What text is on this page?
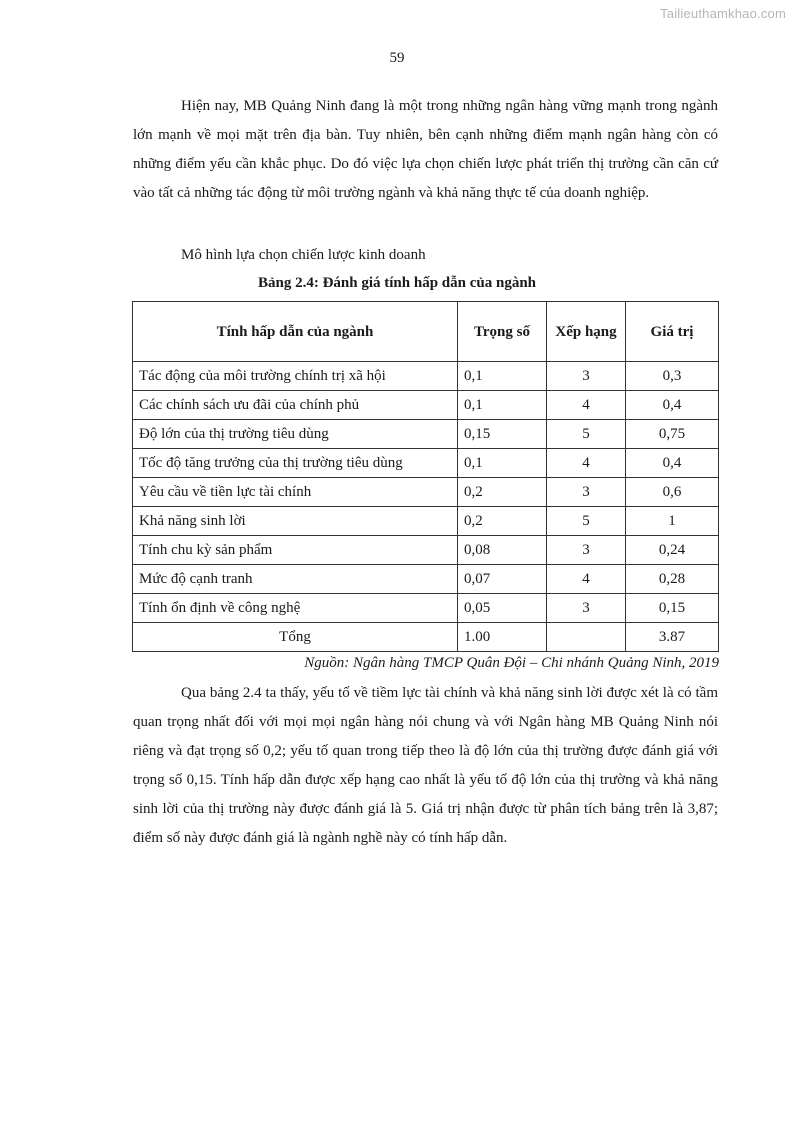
Tailieuthamkhao.com
59

Hiện nay, MB Quảng Ninh đang là một trong những ngân hàng vững mạnh trong ngành lớn mạnh về mọi mặt trên địa bàn. Tuy nhiên, bên cạnh những điểm mạnh ngân hàng còn có những điểm yếu cần khắc phục. Do đó việc lựa chọn chiến lược phát triển thị trường cần căn cứ vào tất cả những tác động từ môi trường ngành và khả năng thực tế của doanh nghiệp.

Mô hình lựa chọn chiến lược kinh doanh

Bảng 2.4: Đánh giá tính hấp dẫn của ngành
Tính hấp dẫn của ngành	Trọng số	Xếp hạng	Giá trị
Tác động của môi trường chính trị xã hội	0,1	3	0,3
Các chính sách ưu đãi của chính phủ	0,1	4	0,4
Độ lớn của thị trường tiêu dùng	0,15	5	0,75
Tốc độ tăng trưởng của thị trường tiêu dùng	0,1	4	0,4
Yêu cầu về tiền lực tài chính	0,2	3	0,6
Khả năng sinh lời	0,2	5	1
Tính chu kỳ sản phẩm	0,08	3	0,24
Mức độ cạnh tranh	0,07	4	0,28
Tính ổn định về công nghệ	0,05	3	0,15
Tổng	1.00		3.87
Nguồn: Ngân hàng TMCP Quân Đội – Chi nhánh Quảng Ninh, 2019

Qua bảng 2.4 ta thấy, yếu tố về tiềm lực tài chính và khả năng sinh lời được xét là có tầm quan trọng nhất đối với mọi mọi ngân hàng nói chung và với Ngân hàng MB Quảng Ninh nói riêng và đạt trọng số 0,2; yếu tố quan trong tiếp theo là độ lớn của thị trường được đánh giá với trọng số 0,15. Tính hấp dẫn được xếp hạng cao nhất là yếu tố độ lớn của thị trường và khả năng sinh lời của thị trường này được đánh giá là 5. Giá trị nhận được từ phân tích bảng trên là 3,87; điểm số này được đánh giá là ngành nghề này có tính hấp dẫn.
